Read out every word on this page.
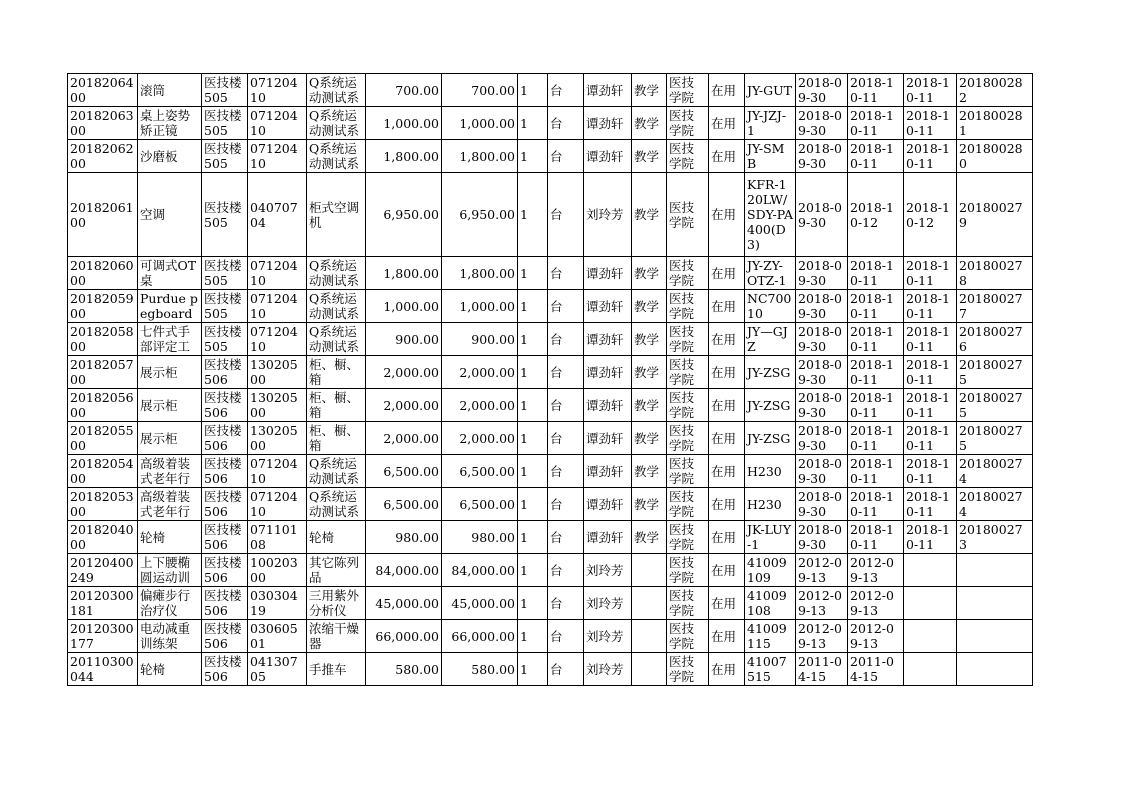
2018206400	滚筒	医技楼505	07120410	Q系统运动测试系	700.00	700.00	1	台	谭劲轩	教学	医技学院	在用	JY-GUT	2018-09-30	2018-10-11	2018-10-11	201800282
2018206300	桌上姿势矫正镜	医技楼505	07120410	Q系统运动测试系	1,000.00	1,000.00	1	台	谭劲轩	教学	医技学院	在用	JY-JZJ-1	2018-09-30	2018-10-11	2018-10-11	201800281
2018206200	沙磨板	医技楼505	07120410	Q系统运动测试系	1,800.00	1,800.00	1	台	谭劲轩	教学	医技学院	在用	JY-SMB	2018-09-30	2018-10-11	2018-10-11	201800280
2018206100	空调	医技楼505	04070704	柜式空调机	6,950.00	6,950.00	1	台	刘玲芳	教学	医技学院	在用	KFR-120LW/SDY-PA400(D3)	2018-09-30	2018-10-12	2018-10-12	201800279
2018206000	可调式OT桌	医技楼505	07120410	Q系统运动测试系	1,800.00	1,800.00	1	台	谭劲轩	教学	医技学院	在用	JY-ZY-OTZ-1	2018-09-30	2018-10-11	2018-10-11	201800278
2018205900	Purdue pegboard	医技楼505	07120410	Q系统运动测试系	1,000.00	1,000.00	1	台	谭劲轩	教学	医技学院	在用	NC70010	2018-09-30	2018-10-11	2018-10-11	201800277
2018205800	七件式手部评定工	医技楼505	07120410	Q系统运动测试系	900.00	900.00	1	台	谭劲轩	教学	医技学院	在用	JY—GJZ	2018-09-30	2018-10-11	2018-10-11	201800276
2018205700	展示柜	医技楼506	13020500	柜、橱、箱	2,000.00	2,000.00	1	台	谭劲轩	教学	医技学院	在用	JY-ZSG	2018-09-30	2018-10-11	2018-10-11	201800275
2018205600	展示柜	医技楼506	13020500	柜、橱、箱	2,000.00	2,000.00	1	台	谭劲轩	教学	医技学院	在用	JY-ZSG	2018-09-30	2018-10-11	2018-10-11	201800275
2018205500	展示柜	医技楼506	13020500	柜、橱、箱	2,000.00	2,000.00	1	台	谭劲轩	教学	医技学院	在用	JY-ZSG	2018-09-30	2018-10-11	2018-10-11	201800275
2018205400	高级着装式老年行	医技楼506	07120410	Q系统运动测试系	6,500.00	6,500.00	1	台	谭劲轩	教学	医技学院	在用	H230	2018-09-30	2018-10-11	2018-10-11	201800274
2018205300	高级着装式老年行	医技楼506	07120410	Q系统运动测试系	6,500.00	6,500.00	1	台	谭劲轩	教学	医技学院	在用	H230	2018-09-30	2018-10-11	2018-10-11	201800274
2018204000	轮椅	医技楼506	07110108	轮椅	980.00	980.00	1	台	谭劲轩	教学	医技学院	在用	JK-LUY-1	2018-09-30	2018-10-11	2018-10-11	201800273
20120400249	上下腰椭圆运动训	医技楼506	10020300	其它陈列品	84,000.00	84,000.00	1	台	刘玲芳		医技学院	在用	41009109	2012-09-13	2012-09-13		
20120300181	偏瘫步行治疗仪	医技楼506	03030419	三用紫外分析仪	45,000.00	45,000.00	1	台	刘玲芳		医技学院	在用	41009108	2012-09-13	2012-09-13		
20120300177	电动减重训练架	医技楼506	03060501	浓缩干燥器	66,000.00	66,000.00	1	台	刘玲芳		医技学院	在用	41009115	2012-09-13	2012-09-13		
20110300044	轮椅	医技楼506	04130705	手推车	580.00	580.00	1	台	刘玲芳		医技学院	在用	41007515	2011-04-15	2011-04-15		
